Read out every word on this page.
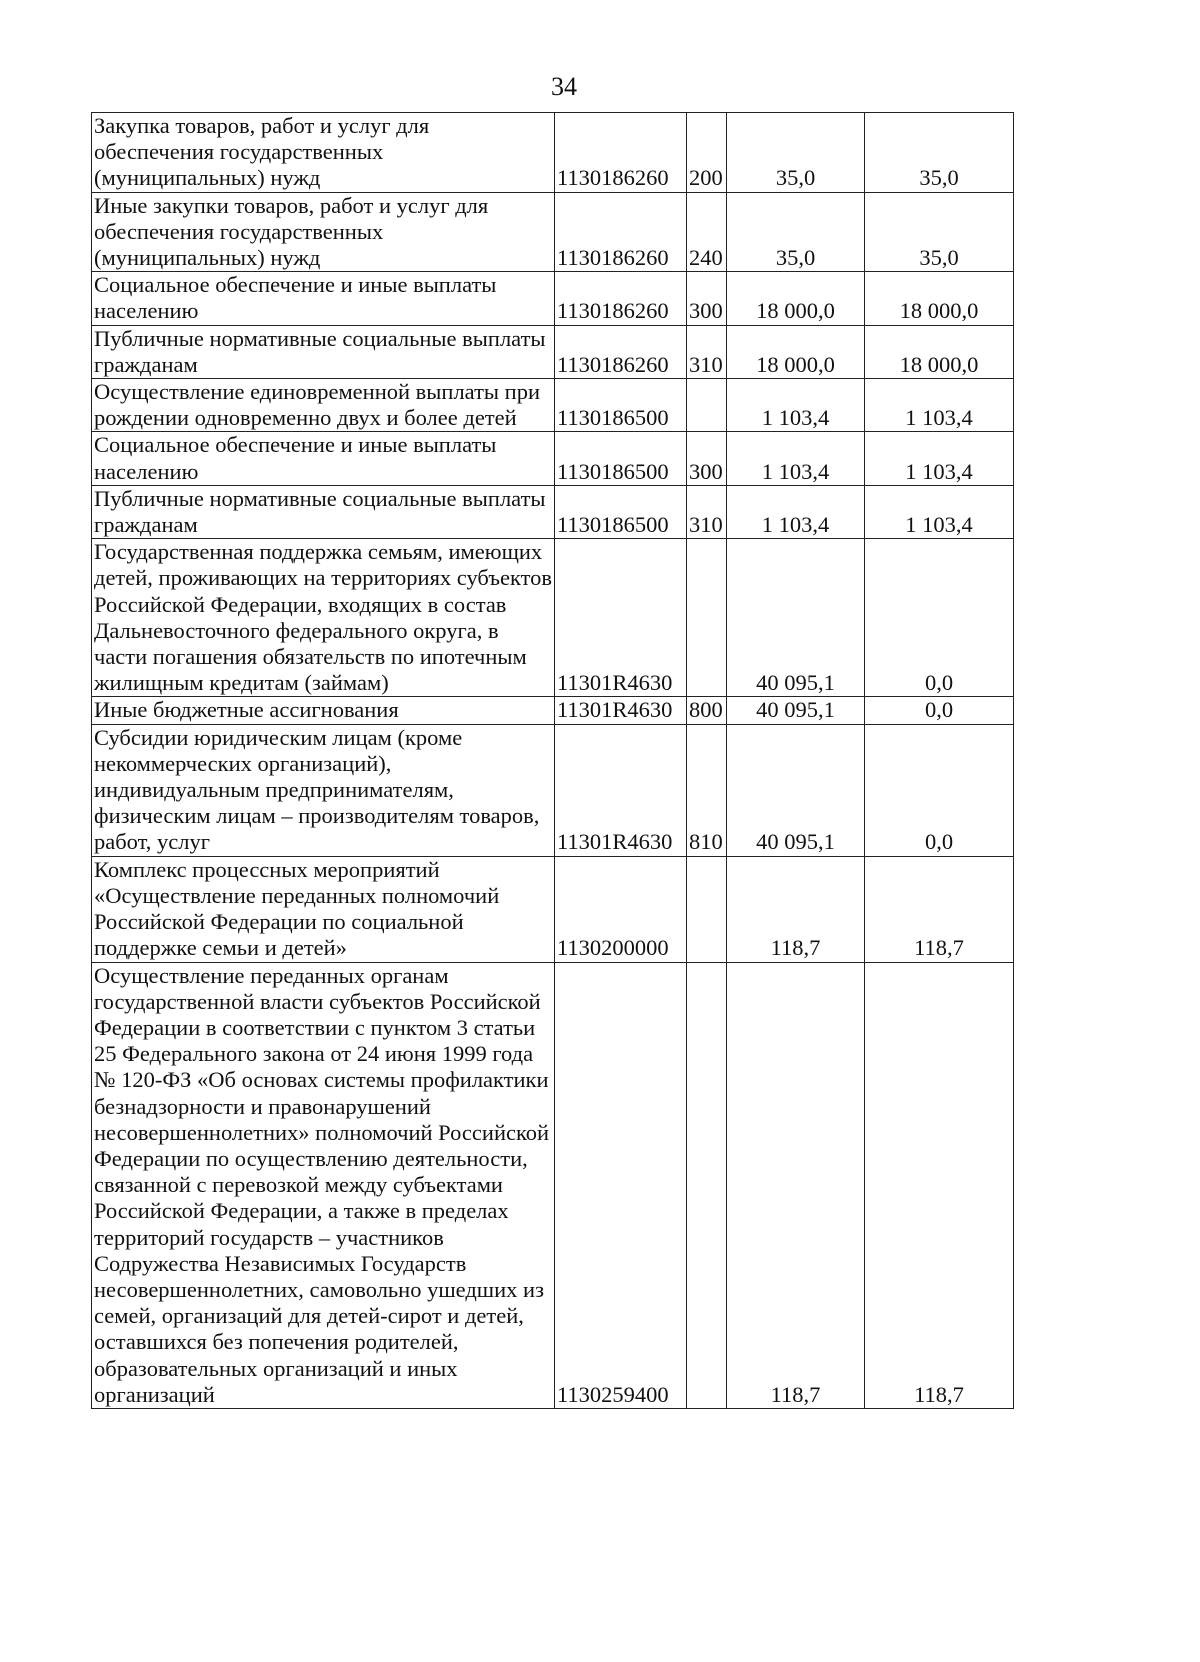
34
Закупка товаров, работ и услуг для обеспечения государственных (муниципальных) нужд	1130186260	200	35,0	35,0
Иные закупки товаров, работ и услуг для обеспечения государственных (муниципальных) нужд	1130186260	240	35,0	35,0
Социальное обеспечение и иные выплаты населению	1130186260	300	18 000,0	18 000,0
Публичные нормативные социальные выплаты гражданам	1130186260	310	18 000,0	18 000,0
Осуществление единовременной выплаты при рождении одновременно двух и более детей	1130186500		1 103,4	1 103,4
Социальное обеспечение и иные выплаты населению	1130186500	300	1 103,4	1 103,4
Публичные нормативные социальные выплаты гражданам	1130186500	310	1 103,4	1 103,4
Государственная поддержка семьям, имеющих детей, проживающих на территориях субъектов Российской Федерации, входящих в состав Дальневосточного федерального округа, в части погашения обязательств по ипотечным жилищным кредитам (займам)	11301R4630		40 095,1	0,0
Иные бюджетные ассигнования	11301R4630	800	40 095,1	0,0
Субсидии юридическим лицам (кроме некоммерческих организаций), индивидуальным предпринимателям, физическим лицам – производителям товаров, работ, услуг	11301R4630	810	40 095,1	0,0
Комплекс процессных мероприятий «Осуществление переданных полномочий Российской Федерации по социальной поддержке семьи и детей»	1130200000		118,7	118,7
Осуществление переданных органам государственной власти субъектов Российской Федерации в соответствии с пунктом 3 статьи 25 Федерального закона от 24 июня 1999 года № 120-ФЗ «Об основах системы профилактики безнадзорности и правонарушений несовершеннолетних» полномочий Российской Федерации по осуществлению деятельности, связанной с перевозкой между субъектами Российской Федерации, а также в пределах территорий государств – участников Содружества Независимых Государств несовершеннолетних, самовольно ушедших из семей, организаций для детей-сирот и детей, оставшихся без попечения родителей, образовательных организаций и иных организаций	1130259400		118,7	118,7
